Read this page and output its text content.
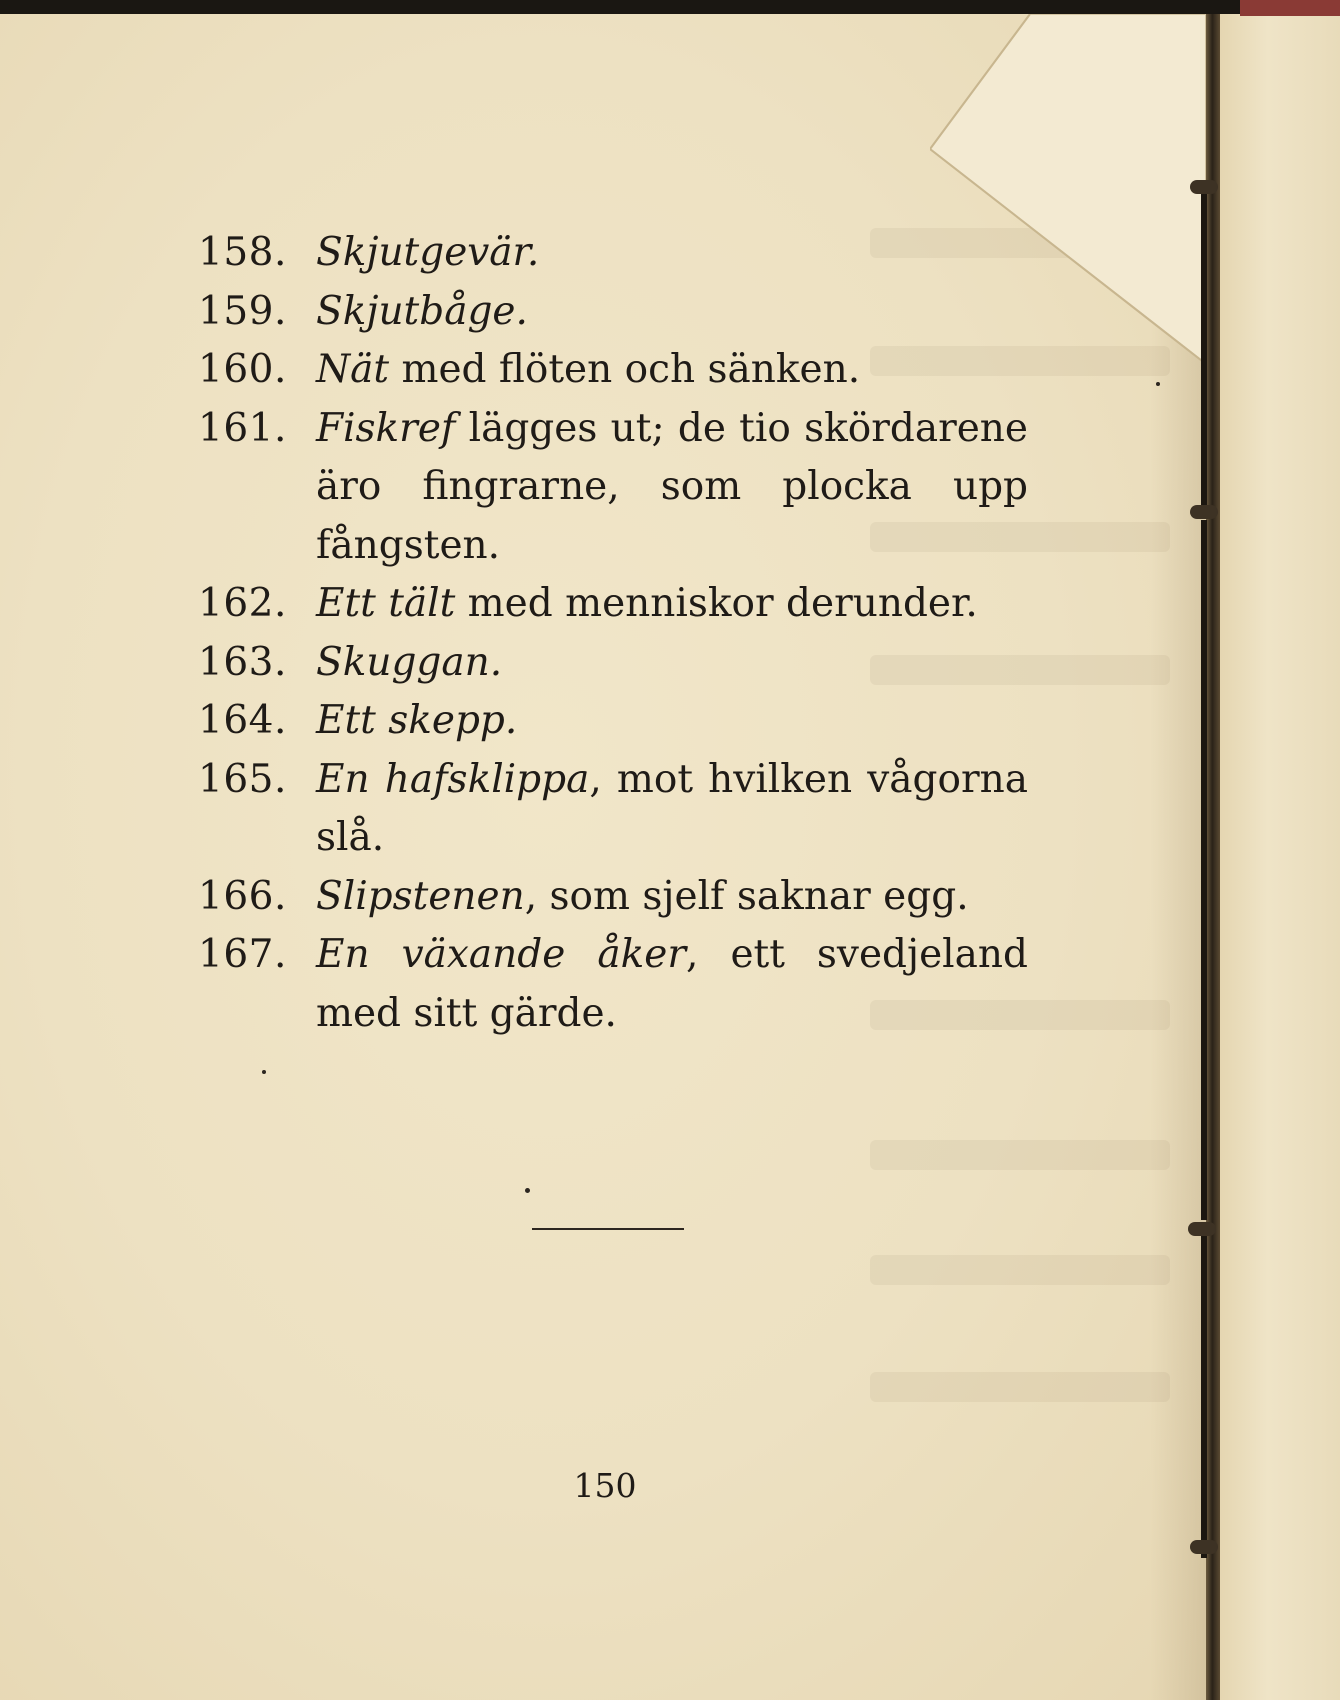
158. Skjutgevär.
159. Skjutbåge.
160. Nät med flöten och sänken.
161. Fiskref lägges ut; de tio skördarene äro fingrarne, som plocka upp fångsten.
162. Ett tält med menniskor derunder.
163. Skuggan.
164. Ett skepp.
165. En hafsklippa, mot hvilken vågorna slå.
166. Slipstenen, som sjelf saknar egg.
167. En växande åker, ett svedjeland med sitt gärde.
150
